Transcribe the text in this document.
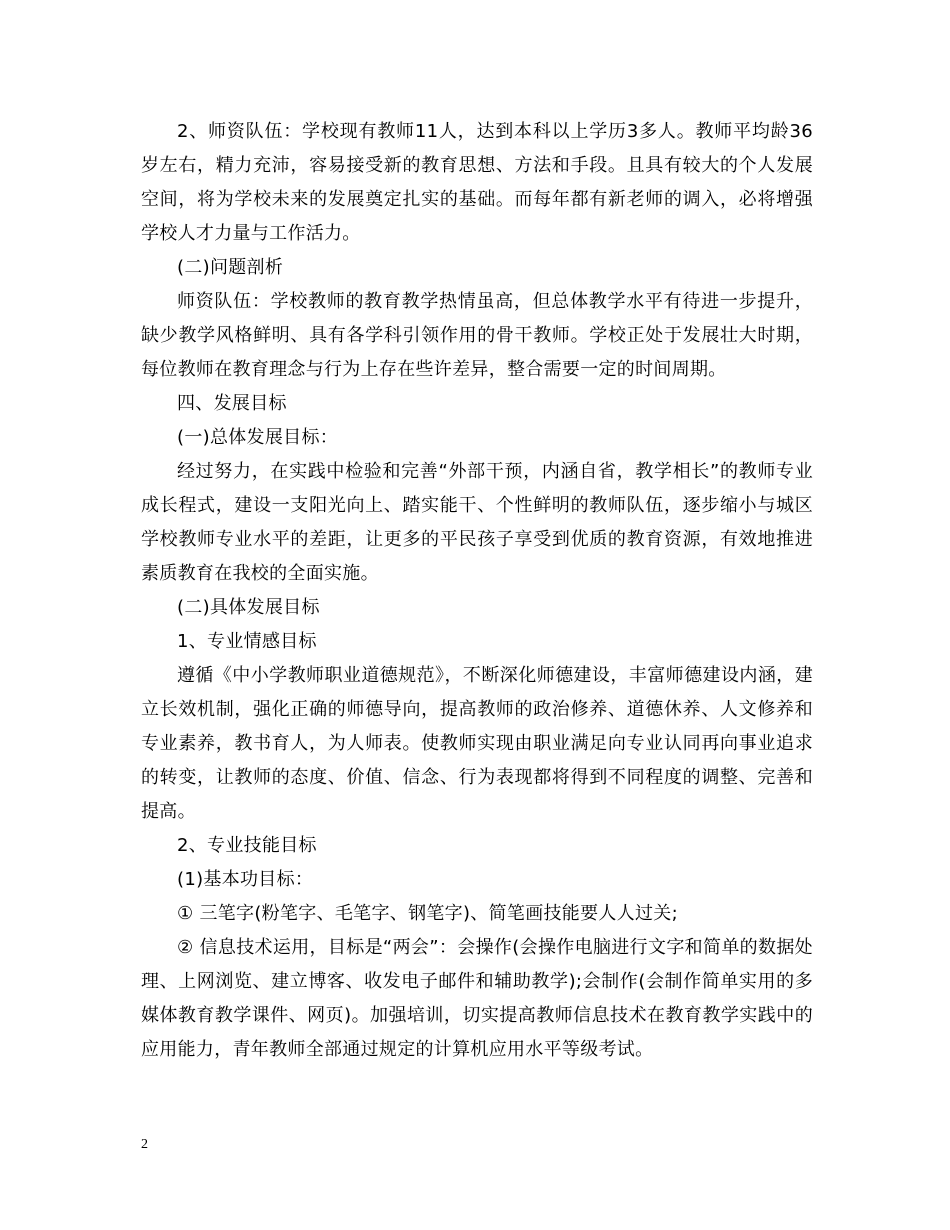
2、师资队伍：学校现有教师11人，达到本科以上学历3多人。教师平均龄36岁左右，精力充沛，容易接受新的教育思想、方法和手段。且具有较大的个人发展空间，将为学校未来的发展奠定扎实的基础。而每年都有新老师的调入，必将增强学校人才力量与工作活力。

(二)问题剖析

师资队伍：学校教师的教育教学热情虽高，但总体教学水平有待进一步提升，缺少教学风格鲜明、具有各学科引领作用的骨干教师。学校正处于发展壮大时期，每位教师在教育理念与行为上存在些许差异，整合需要一定的时间周期。

四、发展目标

(一)总体发展目标：

经过努力，在实践中检验和完善“外部干预，内涵自省，教学相长”的教师专业成长程式，建设一支阳光向上、踏实能干、个性鲜明的教师队伍，逐步缩小与城区学校教师专业水平的差距，让更多的平民孩子享受到优质的教育资源，有效地推进素质教育在我校的全面实施。

(二)具体发展目标

1、专业情感目标

遵循《中小学教师职业道德规范》，不断深化师德建设，丰富师德建设内涵，建立长效机制，强化正确的师德导向，提高教师的政治修养、道德休养、人文修养和专业素养，教书育人，为人师表。使教师实现由职业满足向专业认同再向事业追求的转变，让教师的态度、价值、信念、行为表现都将得到不同程度的调整、完善和提高。

2、专业技能目标

(1)基本功目标：

① 三笔字(粉笔字、毛笔字、钢笔字)、简笔画技能要人人过关;

② 信息技术运用，目标是“两会”：会操作(会操作电脑进行文字和简单的数据处理、上网浏览、建立博客、收发电子邮件和辅助教学);会制作(会制作简单实用的多媒体教育教学课件、网页)。加强培训，切实提高教师信息技术在教育教学实践中的应用能力，青年教师全部通过规定的计算机应用水平等级考试。

2
